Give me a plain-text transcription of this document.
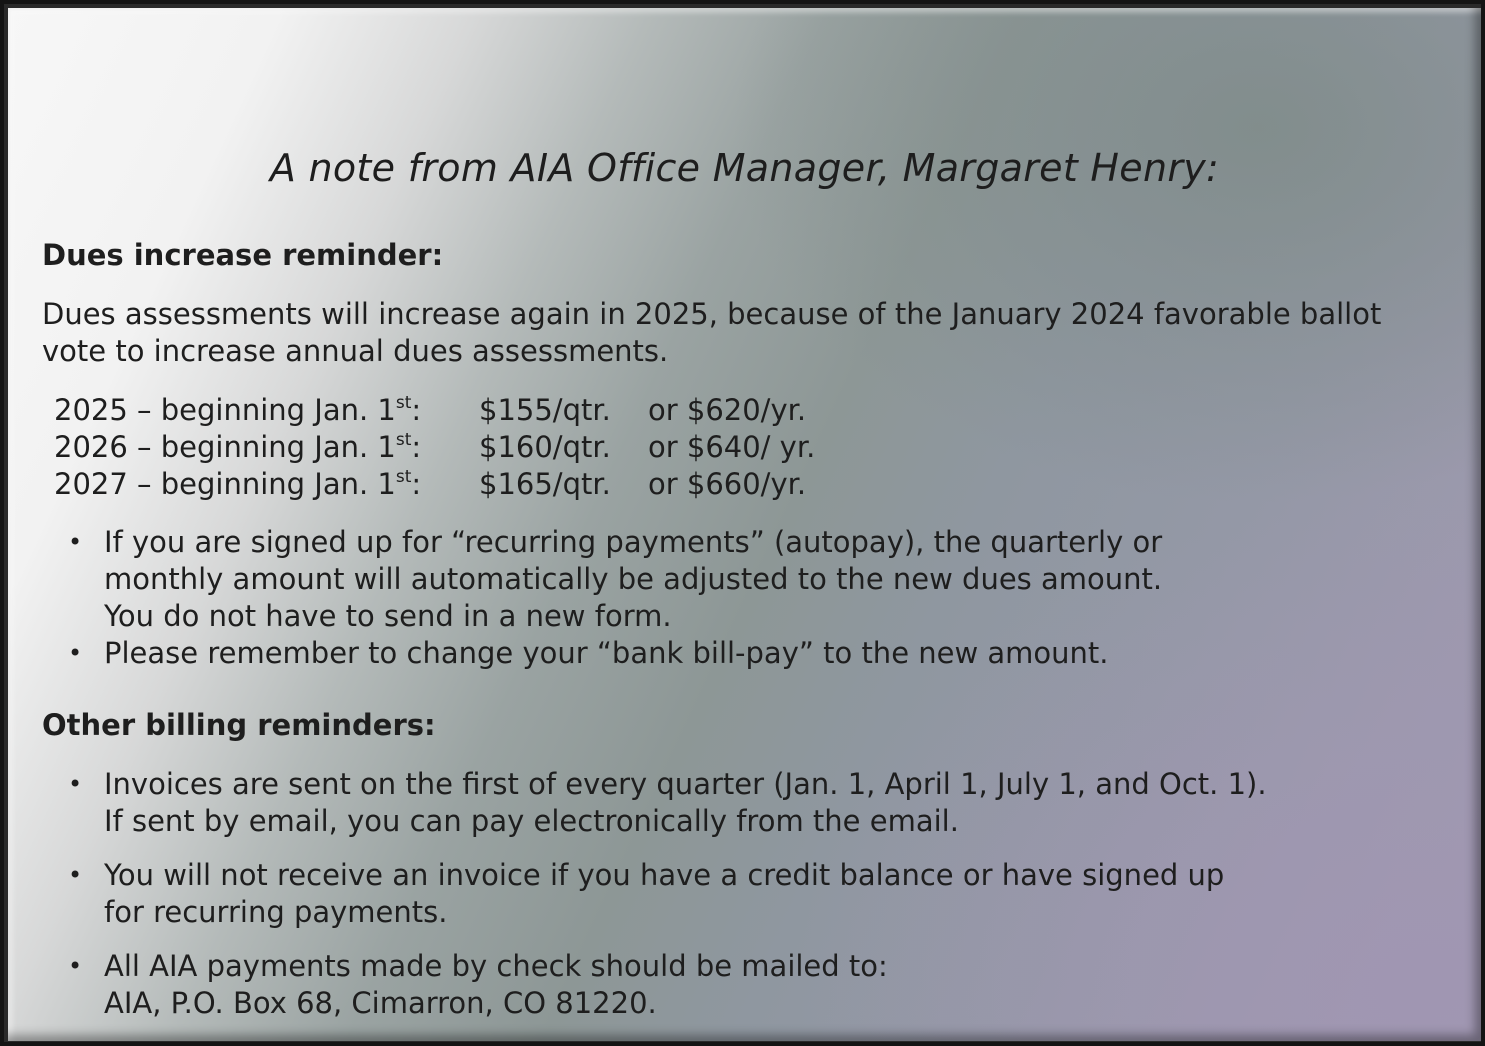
A note from AIA Office Manager, Margaret Henry:
Dues increase reminder:
Dues assessments will increase again in 2025, because of the January 2024 favorable ballot
vote to increase annual dues assessments.
2025 – beginning Jan. 1st: $155/qtr. or $620/yr.
2026 – beginning Jan. 1st: $160/qtr. or $640/ yr.
2027 – beginning Jan. 1st: $165/qtr. or $660/yr.
• If you are signed up for “recurring payments” (autopay), the quarterly or
monthly amount will automatically be adjusted to the new dues amount.
You do not have to send in a new form.
• Please remember to change your “bank bill-pay” to the new amount.
Other billing reminders:
• Invoices are sent on the first of every quarter (Jan. 1, April 1, July 1, and Oct. 1).
If sent by email, you can pay electronically from the email.
• You will not receive an invoice if you have a credit balance or have signed up
for recurring payments.
• All AIA payments made by check should be mailed to:
AIA, P.O. Box 68, Cimarron, CO 81220.
